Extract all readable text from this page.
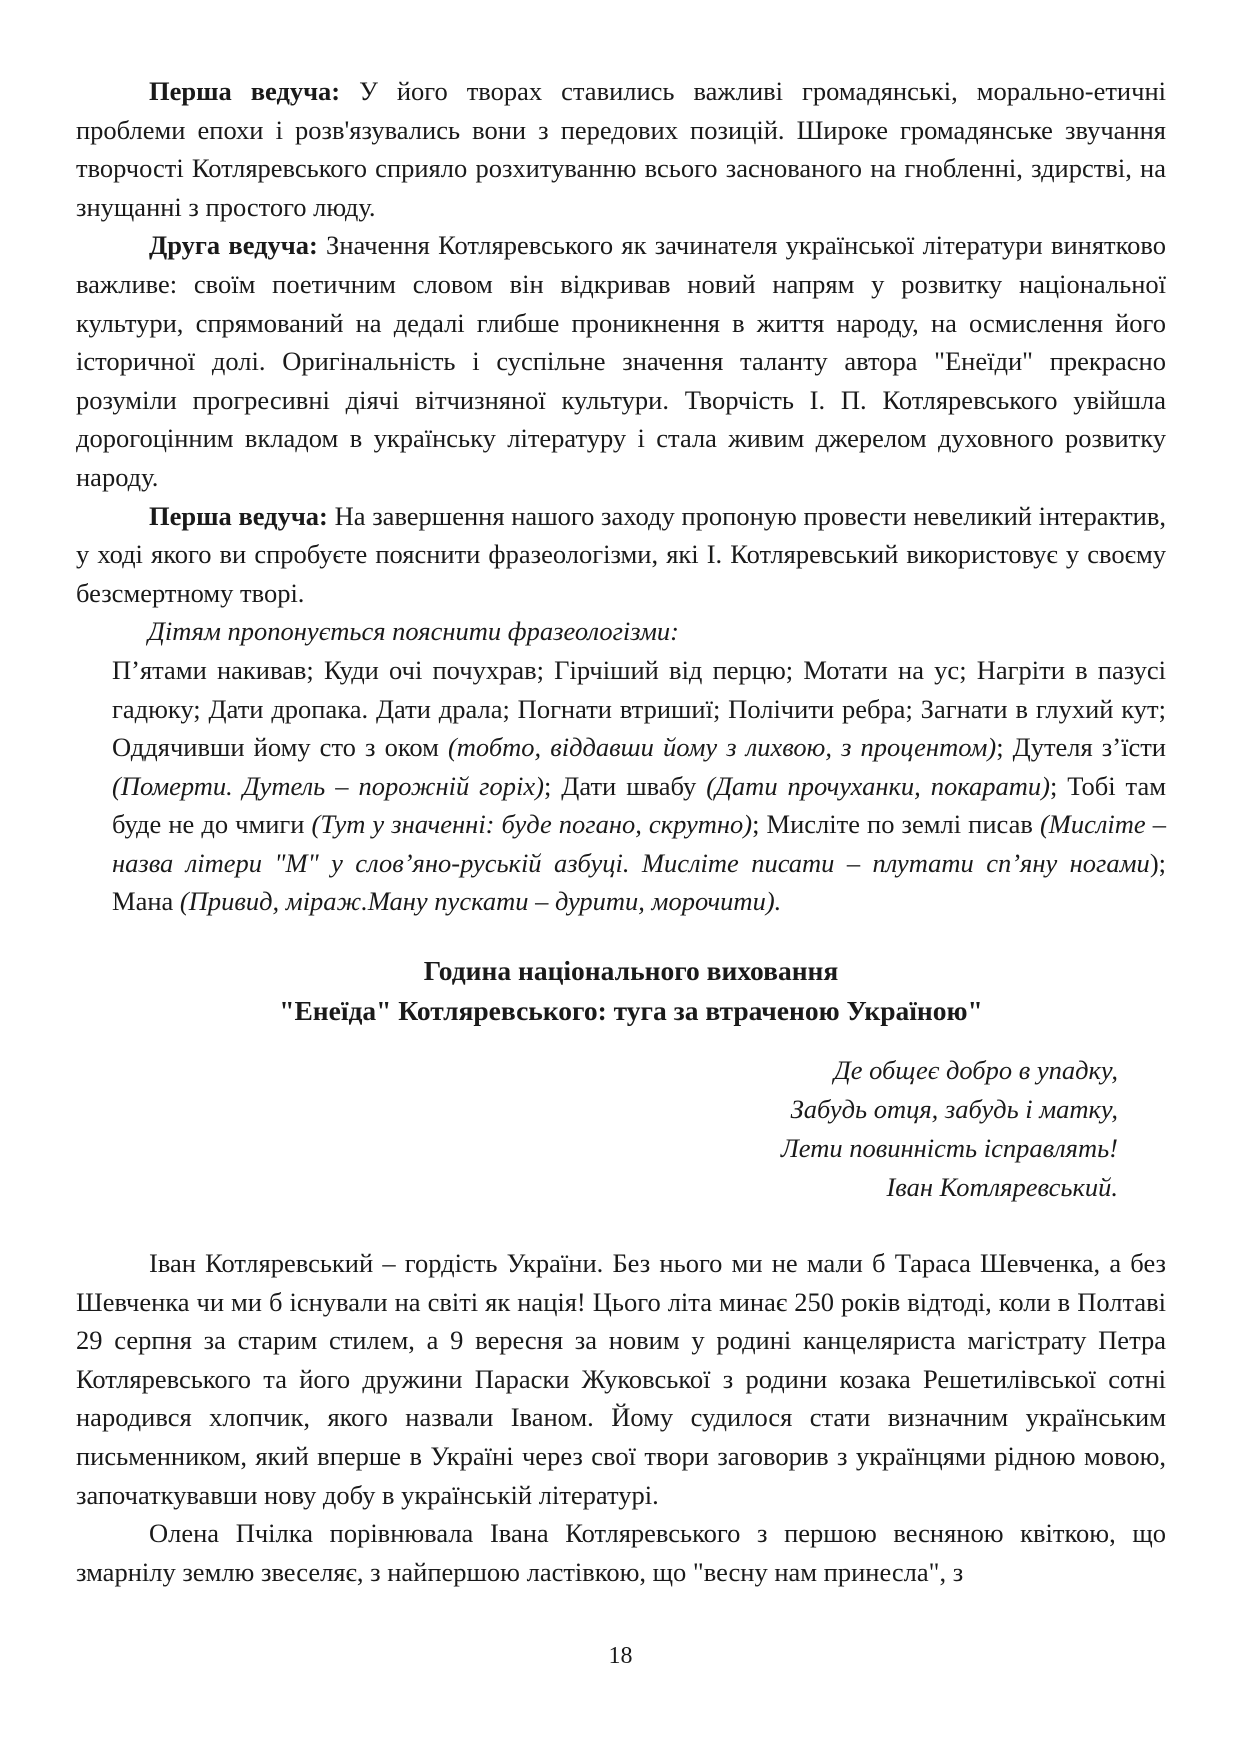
Перша ведуча: У його творах ставились важливі громадянські, морально-етичні проблеми епохи і розв'язувались вони з передових позицій. Широке громадянське звучання творчості Котляревського сприяло розхитуванню всього заснованого на гнобленні, здирстві, на знущанні з простого люду.

Друга ведуча: Значення Котляревського як зачинателя української літератури винятково важливе: своїм поетичним словом він відкривав новий напрям у розвитку національної культури, спрямований на дедалі глибше проникнення в життя народу, на осмислення його історичної долі. Оригінальність і суспільне значення таланту автора "Енеїди" прекрасно розуміли прогресивні діячі вітчизняної культури. Творчість І. П. Котляревського увійшла дорогоцінним вкладом в українську літературу і стала живим джерелом духовного розвитку народу.

Перша ведуча: На завершення нашого заходу пропоную провести невеликий інтерактив, у ході якого ви спробуєте пояснити фразеологізми, які І. Котляревський використовує у своєму безсмертному творі.

Дітям пропонується пояснити фразеологізми:

П’ятами накивав; Куди очі почухрав; Гірчіший від перцю; Мотати на ус; Нагріти в пазусі гадюку; Дати дропака. Дати драла; Погнати втришиї; Полічити ребра; Загнати в глухий кут; Оддячивши йому сто з оком (тобто, віддавши йому з лихвою, з процентом); Дутеля з’їсти (Померти. Дутель – порожній горіх); Дати швабу (Дати прочуханки, покарати); Тобі там буде не до чмиги (Тут у значенні: буде погано, скрутно); Мисліте по землі писав (Мисліте – назва літери "М" у слов’яно-руській азбуці. Мисліте писати – плутати сп’яну ногами); Мана (Привид, міраж.Ману пускати – дурити, морочити).

Година національного виховання
"Енеїда" Котляревського: туга за втраченою Україною"
Де общеє добро в упадку,
Забудь отця, забудь і матку,
Лети повинність ісправлять!
Іван Котляревський.

Іван Котляревський – гордість України. Без нього ми не мали б Тараса Шевченка, а без Шевченка чи ми б існували на світі як нація! Цього літа минає 250 років відтоді, коли в Полтаві 29 серпня за старим стилем, а 9 вересня за новим у родині канцеляриста магістрату Петра Котляревського та його дружини Параски Жуковської з родини козака Решетилівської сотні народився хлопчик, якого назвали Іваном. Йому судилося стати визначним українським письменником, який вперше в Україні через свої твори заговорив з українцями рідною мовою, започаткувавши нову добу в українській літературі.

Олена Пчілка порівнювала Івана Котляревського з першою весняною квіткою, що змарнілу землю звеселяє, з найпершою ластівкою, що "весну нам принесла", з

18
